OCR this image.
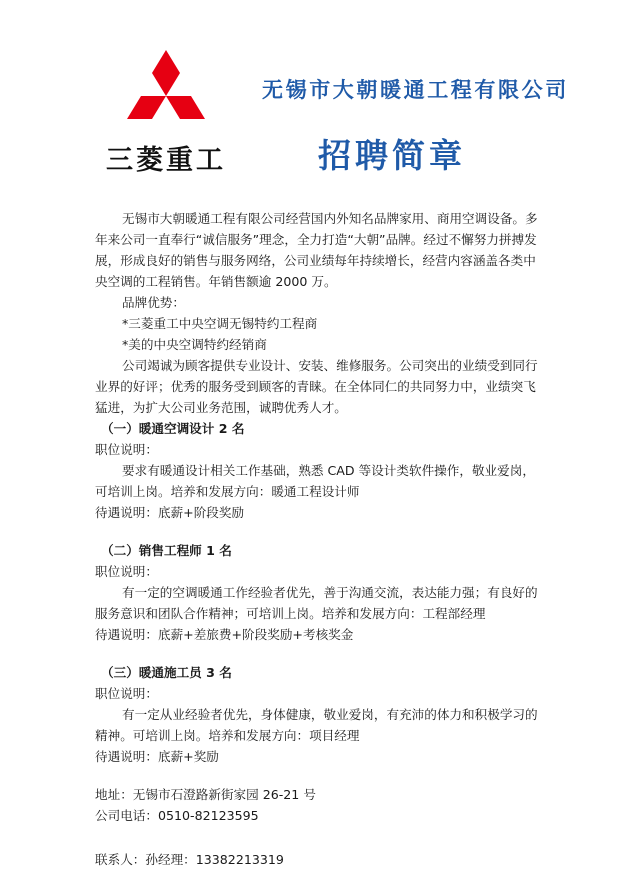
三菱重工
无锡市大朝暖通工程有限公司
招聘简章

无锡市大朝暖通工程有限公司经营国内外知名品牌家用、商用空调设备。多年来公司一直奉行“诚信服务”理念，全力打造“大朝”品牌。经过不懈努力拼搏发展，形成良好的销售与服务网络，公司业绩每年持续增长，经营内容涵盖各类中央空调的工程销售。年销售额逾 2000 万。

品牌优势：

*三菱重工中央空调无锡特约工程商

*美的中央空调特约经销商

公司竭诚为顾客提供专业设计、安装、维修服务。公司突出的业绩受到同行业界的好评；优秀的服务受到顾客的青睐。在全体同仁的共同努力中，业绩突飞猛进，为扩大公司业务范围，诚聘优秀人才。

（一）暖通空调设计 2 名

职位说明：

要求有暖通设计相关工作基础，熟悉 CAD 等设计类软件操作，敬业爱岗，可培训上岗。培养和发展方向：暖通工程设计师

待遇说明：底薪+阶段奖励

（二）销售工程师 1 名

职位说明：

有一定的空调暖通工作经验者优先，善于沟通交流，表达能力强；有良好的服务意识和团队合作精神；可培训上岗。培养和发展方向：工程部经理

待遇说明：底薪+差旅费+阶段奖励+考核奖金

（三）暖通施工员 3 名

职位说明：

有一定从业经验者优先，身体健康，敬业爱岗，有充沛的体力和积极学习的精神。可培训上岗。培养和发展方向：项目经理

待遇说明：底薪+奖励

地址：无锡市石澄路新街家园 26-21 号

公司电话：0510-82123595

联系人：孙经理：13382213319
